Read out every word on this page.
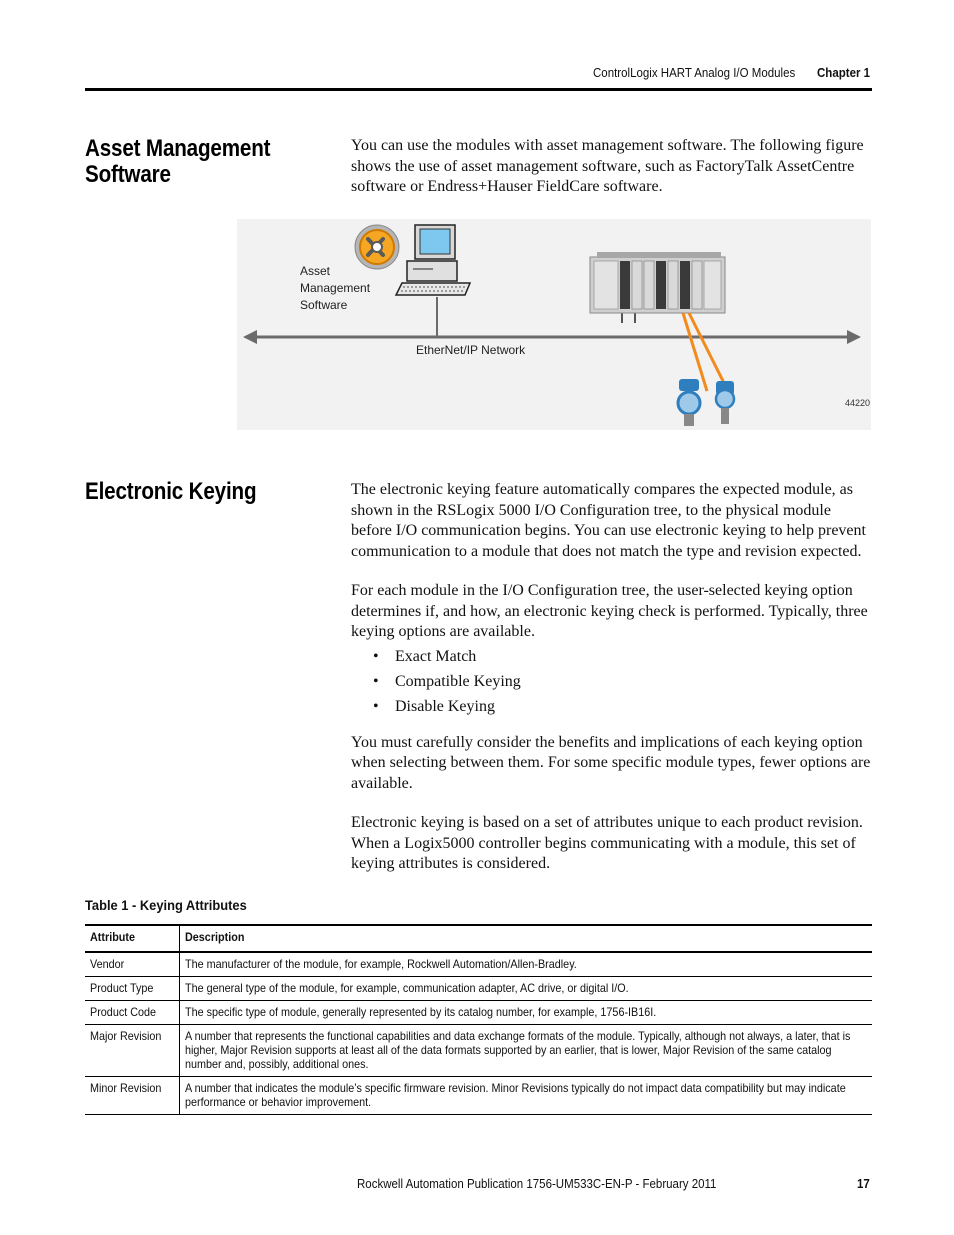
ControlLogix HART Analog I/O Modules Chapter 1
Asset Management
Software

You can use the modules with asset management software. The following figure shows the use of asset management software, such as FactoryTalk AssetCentre software or Endress+Hauser FieldCare software.

Asset
Management
Software
EtherNet/IP Network
44220
Electronic Keying	The electronic keying feature automatically compares the expected module, as shown in the RSLogix 5000 I/O Configuration tree, to the physical module before I/O communication begins. You can use electronic keying to help prevent communication to a module that does not match the type and revision expected.

For each module in the I/O Configuration tree, the user-selected keying option determines if, and how, an electronic keying check is performed. Typically, three keying options are available.

• Exact Match
• Compatible Keying
• Disable Keying

You must carefully consider the benefits and implications of each keying option when selecting between them. For some specific module types, fewer options are available.

Electronic keying is based on a set of attributes unique to each product revision. When a Logix5000 controller begins communicating with a module, this set of keying attributes is considered.

Table 1 - Keying Attributes
Attribute	Description
Vendor	The manufacturer of the module, for example, Rockwell Automation/Allen-Bradley.
Product Type	The general type of the module, for example, communication adapter, AC drive, or digital I/O.
Product Code	The specific type of module, generally represented by its catalog number, for example, 1756-IB16I.
Major Revision	A number that represents the functional capabilities and data exchange formats of the module. Typically, although not always, a later, that is higher, Major Revision supports at least all of the data formats supported by an earlier, that is lower, Major Revision of the same catalog number and, possibly, additional ones.
Minor Revision	A number that indicates the module’s specific firmware revision. Minor Revisions typically do not impact data compatibility but may indicate performance or behavior improvement.
Rockwell Automation Publication 1756-UM533C-EN-P - February 2011	17
